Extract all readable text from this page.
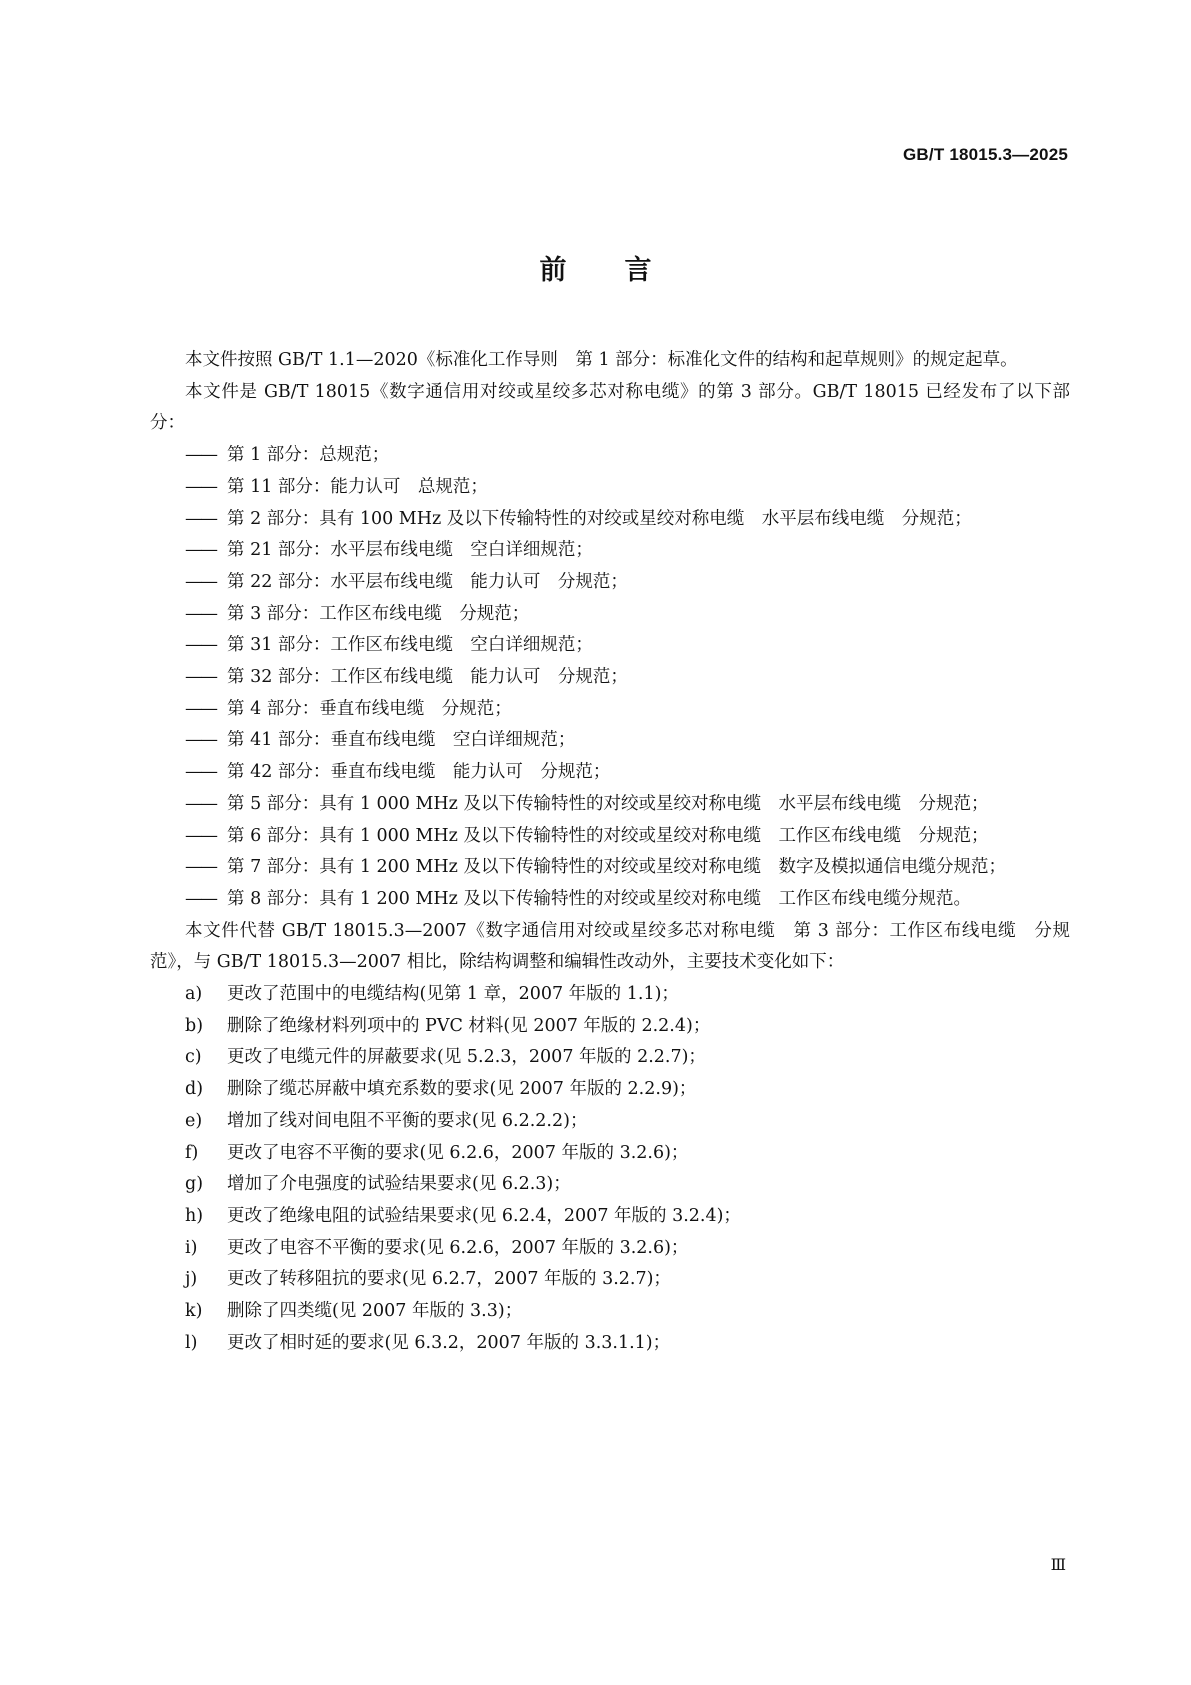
GB/T 18015.3—2025
前言

本文件按照 GB/T 1.1—2020《标准化工作导则　第 1 部分：标准化文件的结构和起草规则》的规定起草。

本文件是 GB/T 18015《数字通信用对绞或星绞多芯对称电缆》的第 3 部分。GB/T 18015 已经发布了以下部分：

—— 第 1 部分：总规范；
—— 第 11 部分：能力认可　总规范；
—— 第 2 部分：具有 100 MHz 及以下传输特性的对绞或星绞对称电缆　水平层布线电缆　分规范；
—— 第 21 部分：水平层布线电缆　空白详细规范；
—— 第 22 部分：水平层布线电缆　能力认可　分规范；
—— 第 3 部分：工作区布线电缆　分规范；
—— 第 31 部分：工作区布线电缆　空白详细规范；
—— 第 32 部分：工作区布线电缆　能力认可　分规范；
—— 第 4 部分：垂直布线电缆　分规范；
—— 第 41 部分：垂直布线电缆　空白详细规范；
—— 第 42 部分：垂直布线电缆　能力认可　分规范；
—— 第 5 部分：具有 1 000 MHz 及以下传输特性的对绞或星绞对称电缆　水平层布线电缆　分规范；
—— 第 6 部分：具有 1 000 MHz 及以下传输特性的对绞或星绞对称电缆　工作区布线电缆　分规范；
—— 第 7 部分：具有 1 200 MHz 及以下传输特性的对绞或星绞对称电缆　数字及模拟通信电缆分规范；
—— 第 8 部分：具有 1 200 MHz 及以下传输特性的对绞或星绞对称电缆　工作区布线电缆分规范。

本文件代替 GB/T 18015.3—2007《数字通信用对绞或星绞多芯对称电缆　第 3 部分：工作区布线电缆　分规范》，与 GB/T 18015.3—2007 相比，除结构调整和编辑性改动外，主要技术变化如下：

a)	更改了范围中的电缆结构(见第 1 章，2007 年版的 1.1)；
b)	删除了绝缘材料列项中的 PVC 材料(见 2007 年版的 2.2.4)；
c)	更改了电缆元件的屏蔽要求(见 5.2.3，2007 年版的 2.2.7)；
d)	删除了缆芯屏蔽中填充系数的要求(见 2007 年版的 2.2.9)；
e)	增加了线对间电阻不平衡的要求(见 6.2.2.2)；
f)	更改了电容不平衡的要求(见 6.2.6，2007 年版的 3.2.6)；
g)	增加了介电强度的试验结果要求(见 6.2.3)；
h)	更改了绝缘电阻的试验结果要求(见 6.2.4，2007 年版的 3.2.4)；
i)	更改了电容不平衡的要求(见 6.2.6，2007 年版的 3.2.6)；
j)	更改了转移阻抗的要求(见 6.2.7，2007 年版的 3.2.7)；
k)	删除了四类缆(见 2007 年版的 3.3)；
l)	更改了相时延的要求(见 6.3.2，2007 年版的 3.3.1.1)；
Ⅲ
